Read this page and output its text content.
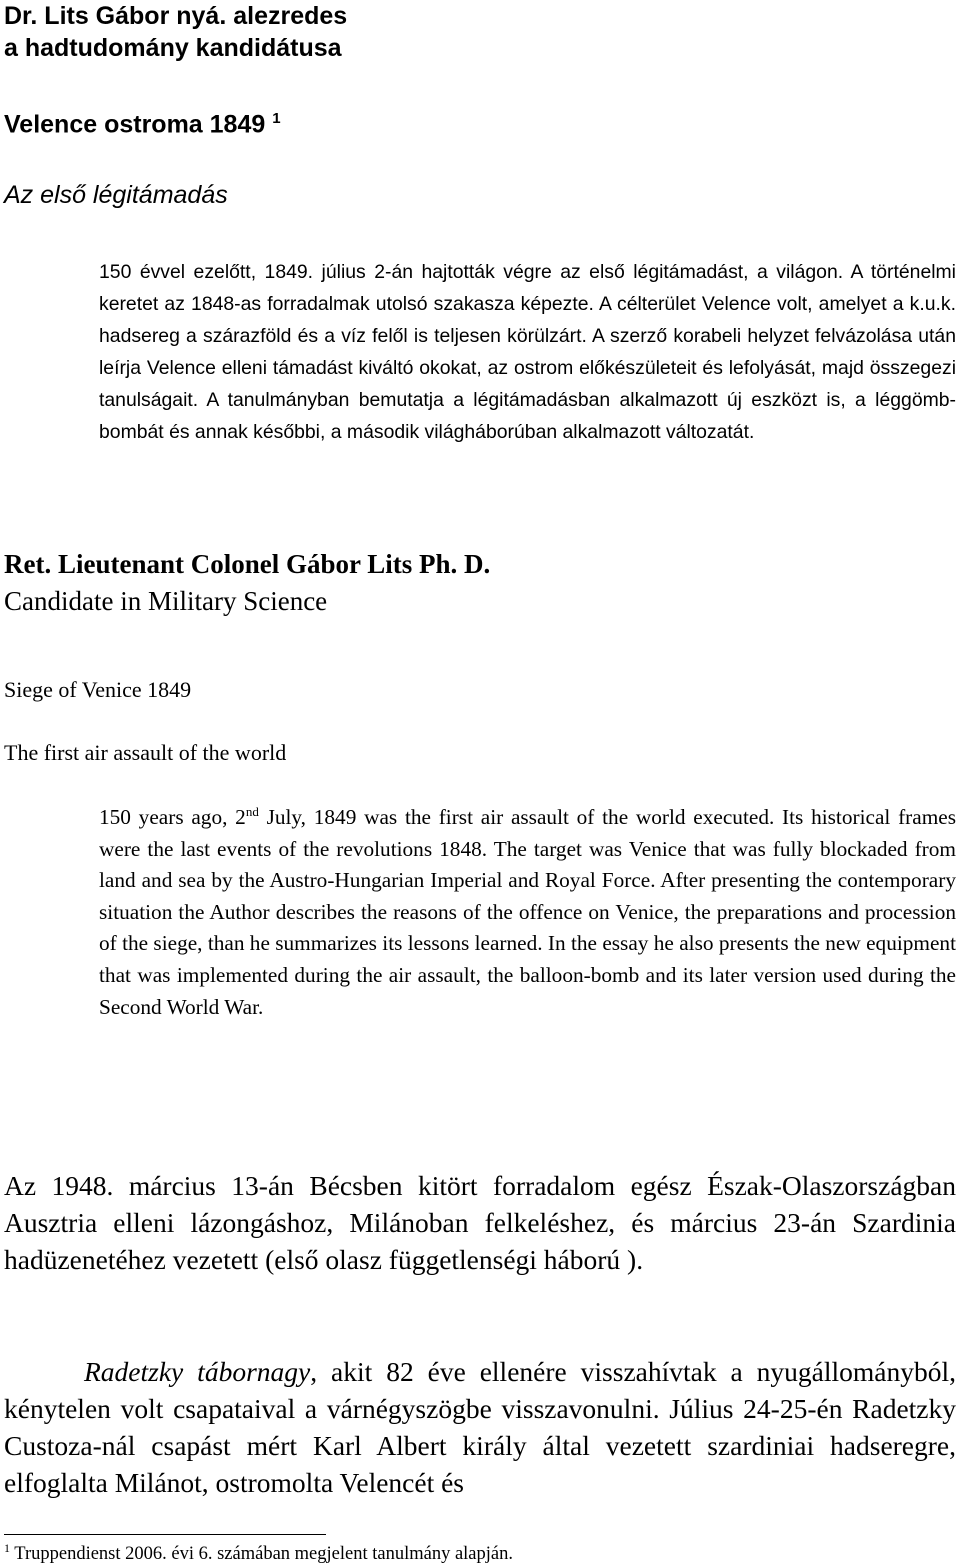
Dr. Lits Gábor nyá. alezredes
a hadtudomány kandidátusa
Velence ostroma 1849 $^1$
Az első légitámadás
150 évvel ezelőtt, 1849. július 2-án hajtották végre az első légitámadást, a világon. A történelmi keretet az 1848-as forradalmak utolsó szakasza képezte. A célterület Velence volt, amelyet a k.u.k. hadsereg a szárazföld és a víz felől is teljesen körülzárt. A szerző korabeli helyzet felvázolása után leírja Velence elleni támadást kiváltó okokat, az ostrom előkészületeit és lefolyását, majd összegezi tanulságait. A tanulmányban bemutatja a légitámadásban alkalmazott új eszközt is, a léggömb-bombát és annak későbbi, a második világháborúban alkalmazott változatát.
Ret. Lieutenant Colonel Gábor Lits Ph. D.
Candidate in Military Science
Siege of Venice 1849
The first air assault of the world
150 years ago, 2nd July, 1849 was the first air assault of the world executed. Its historical frames were the last events of the revolutions 1848. The target was Venice that was fully blockaded from land and sea by the Austro-Hungarian Imperial and Royal Force. After presenting the contemporary situation the Author describes the reasons of the offence on Venice, the preparations and procession of the siege, than he summarizes its lessons learned. In the essay he also presents the new equipment that was implemented during the air assault, the balloon-bomb and its later version used during the Second World War.
Az 1948. március 13-án Bécsben kitört forradalom egész Észak-Olaszországban Ausztria elleni lázongáshoz, Milánoban felkeléshez, és március 23-án Szardinia hadüzenetéhez vezetett (első olasz függetlenségi háború ).
Radetzky tábornagy, akit 82 éve ellenére visszahívtak a nyugállományból, kénytelen volt csapataival a várnégyszögbe visszavonulni. Július 24-25-én Radetzky Custoza-nál csapást mért Karl Albert király által vezetett szardiniai hadseregre, elfoglalta Milánot, ostromolta Velencét és
$^1$ Truppendienst 2006. évi 6. számában megjelent tanulmány alapján.
